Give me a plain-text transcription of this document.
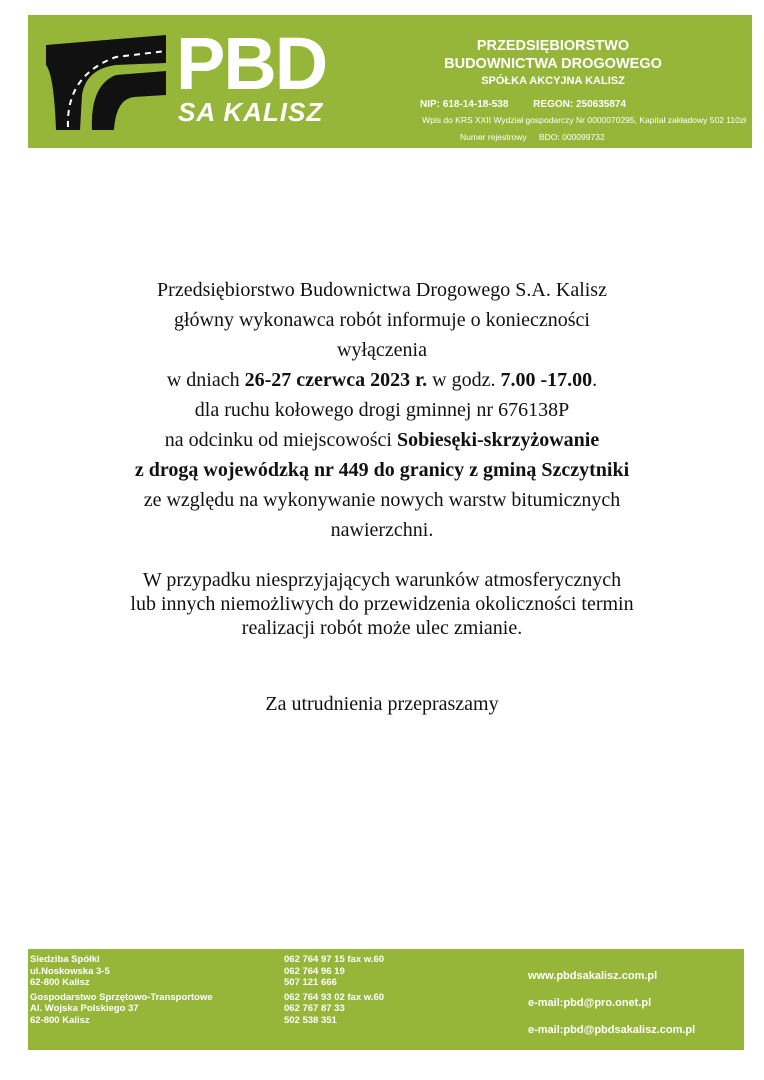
PBD
SA KALISZ
PRZEDSIĘBIORSTWO
BUDOWNICTWA DROGOWEGO
SPÓŁKA AKCYJNA KALISZ
NIP: 618-14-18-538 REGON: 250635874
Wpis do KRS XXII Wydział gospodarczy Nr 0000070295, Kapitał zakładowy 502 110zł
Numer rejestrowy BDO: 000099732
Przedsiębiorstwo Budownictwa Drogowego S.A. Kalisz
główny wykonawca robót informuje o konieczności
wyłączenia
w dniach 26-27 czerwca 2023 r. w godz. 7.00 -17.00.
dla ruchu kołowego drogi gminnej nr 676138P
na odcinku od miejscowości Sobiesęki-skrzyżowanie
z drogą wojewódzką nr 449 do granicy z gminą Szczytniki
ze względu na wykonywanie nowych warstw bitumicznych
nawierzchni.
W przypadku niesprzyjających warunków atmosferycznych
lub innych niemożliwych do przewidzenia okoliczności termin
realizacji robót może ulec zmianie.
Za utrudnienia przepraszamy
Siedziba Spółki
ul.Noskowska 3-5
62-800 Kalisz
Gospodarstwo Sprzętowo-Transportowe
Al. Wojska Polskiego 37
62-800 Kalisz
062 764 97 15 fax w.60
062 764 96 19
507 121 666
062 764 93 02 fax w.60
062 767 87 33
502 538 351
www.pbdsakalisz.com.pl
e-mail:pbd@pro.onet.pl
e-mail:pbd@pbdsakalisz.com.pl
